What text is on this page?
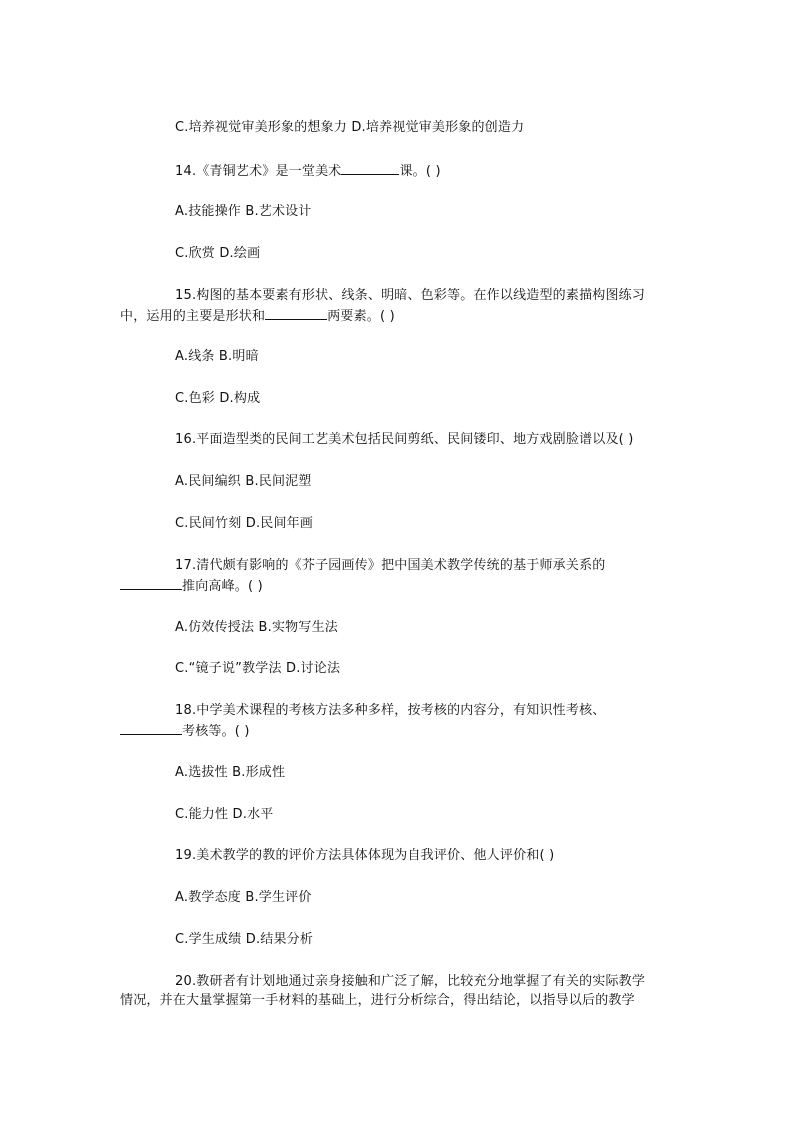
C.培养视觉审美形象的想象力 D.培养视觉审美形象的创造力
14.《青铜艺术》是一堂美术	课。( )
A.技能操作 B.艺术设计
C.欣赏 D.绘画
15.构图的基本要素有形状、线条、明暗、色彩等。在作以线造型的素描构图练习
中，运用的主要是形状和	两要素。( )
A.线条 B.明暗
C.色彩 D.构成
16.平面造型类的民间工艺美术包括民间剪纸、民间镂印、地方戏剧脸谱以及( )
A.民间编织 B.民间泥塑
C.民间竹刻 D.民间年画
17.清代颇有影响的《芥子园画传》把中国美术教学传统的基于师承关系的
推向高峰。( )
A.仿效传授法 B.实物写生法
C.“镜子说”教学法 D.讨论法
18.中学美术课程的考核方法多种多样，按考核的内容分，有知识性考核、
考核等。( )
A.选拔性 B.形成性
C.能力性 D.水平
19.美术教学的教的评价方法具体体现为自我评价、他人评价和( )
A.教学态度 B.学生评价
C.学生成绩 D.结果分析
20.教研者有计划地通过亲身接触和广泛了解，比较充分地掌握了有关的实际教学
情况，并在大量掌握第一手材料的基础上，进行分析综合，得出结论，以指导以后的教学
